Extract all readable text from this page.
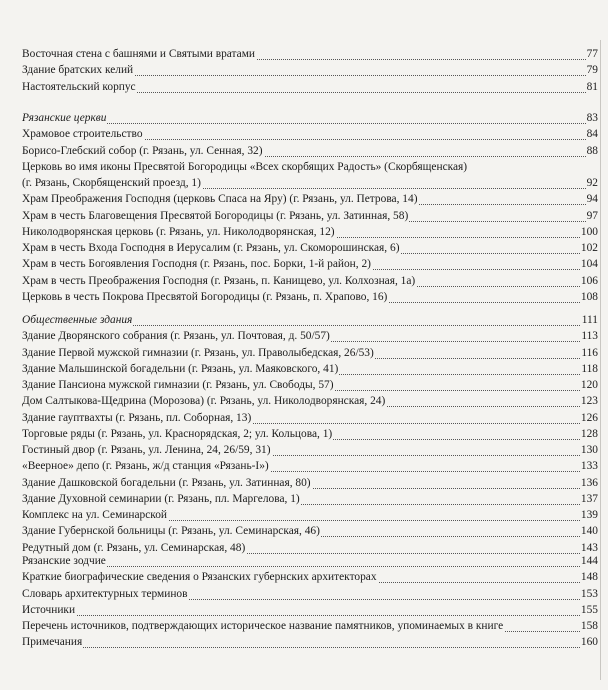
Восточная стена с башнями и Святыми вратами	77
Здание братских келий	79
Настоятельский корпус	81
Рязанские церкви	83
Храмовое строительство	84
Борисо-Глебский собор (г. Рязань, ул. Сенная, 32)	88
Церковь во имя иконы Пресвятой Богородицы «Всех скорбящих Радость» (Скорбященская)
(г. Рязань, Скорбященский проезд, 1)	92
Храм Преображения Господня (церковь Спаса на Яру) (г. Рязань, ул. Петрова, 14)	94
Храм в честь Благовещения Пресвятой Богородицы (г. Рязань, ул. Затинная, 58)	97
Николодворянская церковь (г. Рязань, ул. Николодворянская, 12)	100
Храм в честь Входа Господня в Иерусалим (г. Рязань, ул. Скоморошинская, 6)	102
Храм в честь Богоявления Господня (г. Рязань, пос. Борки, 1-й район, 2)	104
Храм в честь Преображения Господня (г. Рязань, п. Канищево, ул. Колхозная, 1а)	106
Церковь в честь Покрова Пресвятой Богородицы (г. Рязань, п. Храпово, 16)	108
Общественные здания	111
Здание Дворянского собрания (г. Рязань, ул. Почтовая, д. 50/57)	113
Здание Первой мужской гимназии (г. Рязань, ул. Праволыбедская, 26/53)	116
Здание Мальшинской богадельни (г. Рязань, ул. Маяковского, 41)	118
Здание Пансиона мужской гимназии (г. Рязань, ул. Свободы, 57)	120
Дом Салтыкова-Щедрина (Морозова) (г. Рязань, ул. Николодворянская, 24)	123
Здание гауптвахты (г. Рязань, пл. Соборная, 13)	126
Торговые ряды (г. Рязань, ул. Краснорядская, 2; ул. Кольцова, 1)	128
Гостиный двор (г. Рязань, ул. Ленина, 24, 26/59, 31)	130
«Веерное» депо (г. Рязань, ж/д станция «Рязань-I»)	133
Здание Дашковской богадельни (г. Рязань, ул. Затинная, 80)	136
Здание Духовной семинарии (г. Рязань, пл. Маргелова, 1)	137
Комплекс на ул. Семинарской	139
Здание Губернской больницы (г. Рязань, ул. Семинарская, 46)	140
Редутный дом (г. Рязань, ул. Семинарская, 48)	143
Рязанские зодчие	144
Краткие биографические сведения о Рязанских губернских архитекторах	148
Словарь архитектурных терминов	153
Источники	155
Перечень источников, подтверждающих историческое название памятников, упоминаемых в книге	158
Примечания	160
